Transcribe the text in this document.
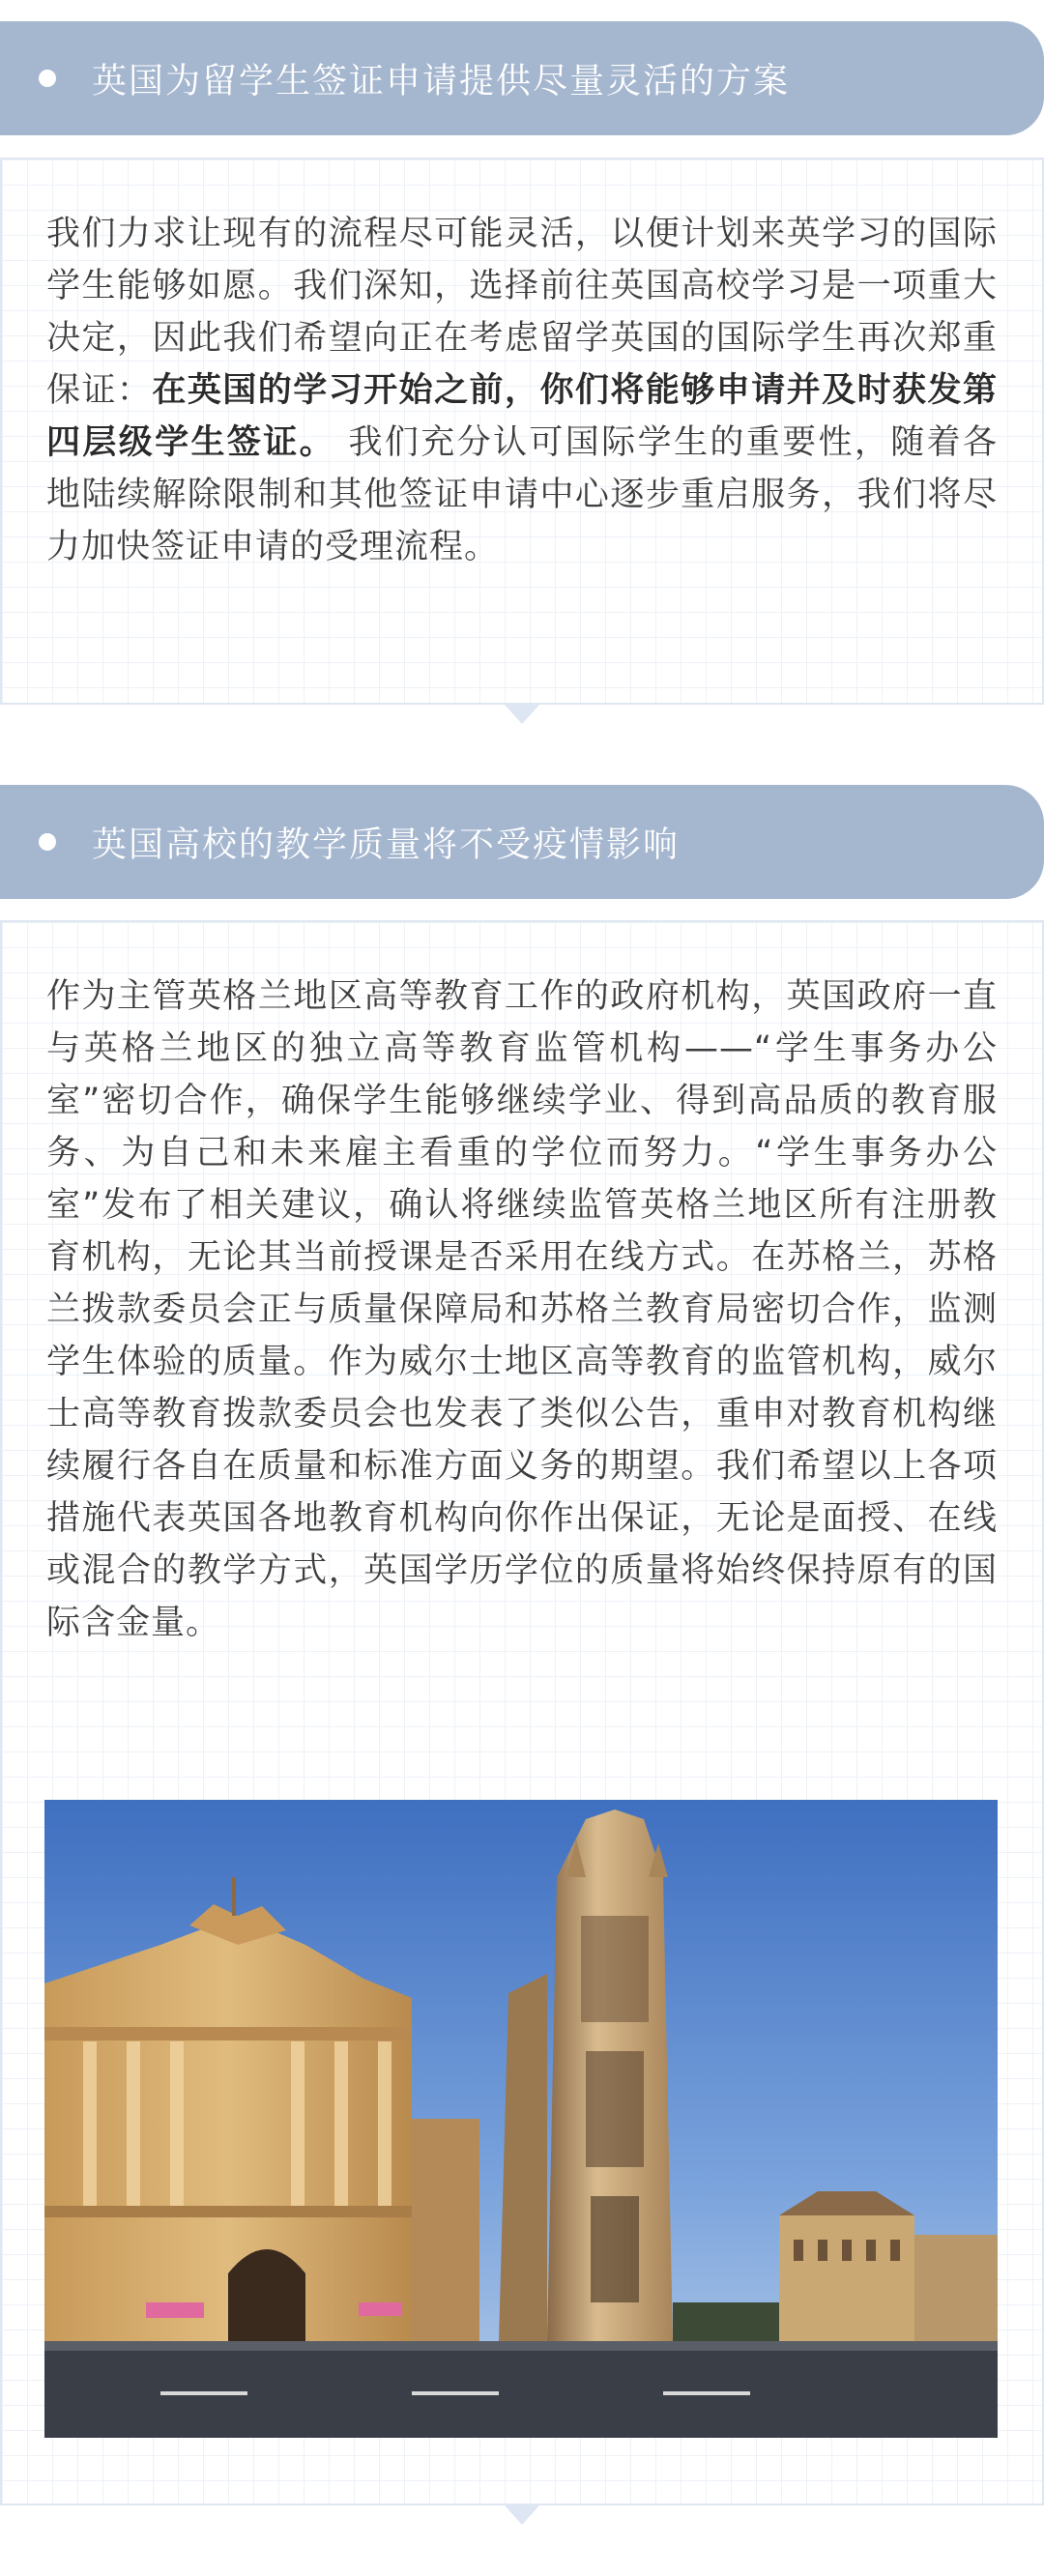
英国为留学生签证申请提供尽量灵活的方案
我们力求让现有的流程尽可能灵活，以便计划来英学习的国际学生能够如愿。我们深知，选择前往英国高校学习是一项重大决定，因此我们希望向正在考虑留学英国的国际学生再次郑重保证：在英国的学习开始之前，你们将能够申请并及时获发第四层级学生签证。 我们充分认可国际学生的重要性，随着各地陆续解除限制和其他签证申请中心逐步重启服务，我们将尽力加快签证申请的受理流程。
英国高校的教学质量将不受疫情影响
作为主管英格兰地区高等教育工作的政府机构，英国政府一直与英格兰地区的独立高等教育监管机构——“学生事务办公室”密切合作，确保学生能够继续学业、得到高品质的教育服务、为自己和未来雇主看重的学位而努力。“学生事务办公室”发布了相关建议，确认将继续监管英格兰地区所有注册教育机构，无论其当前授课是否采用在线方式。在苏格兰，苏格兰拨款委员会正与质量保障局和苏格兰教育局密切合作，监测学生体验的质量。作为威尔士地区高等教育的监管机构，威尔士高等教育拨款委员会也发表了类似公告，重申对教育机构继续履行各自在质量和标准方面义务的期望。我们希望以上各项措施代表英国各地教育机构向你作出保证，无论是面授、在线或混合的教学方式，英国学历学位的质量将始终保持原有的国际含金量。
